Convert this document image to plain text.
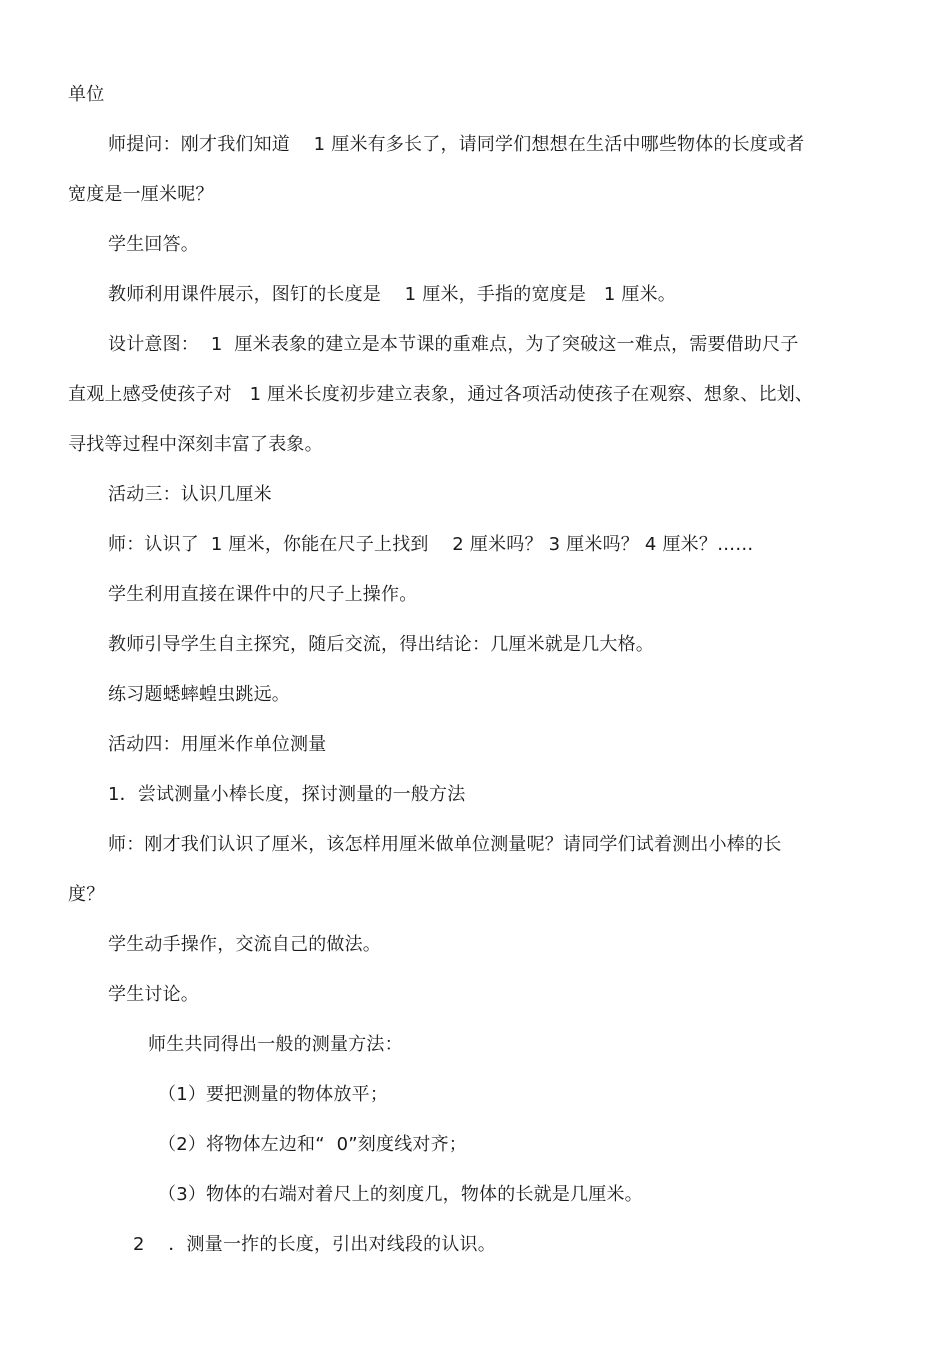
单位
师提问：刚才我们知道    1 厘米有多长了，请同学们想想在生活中哪些物体的长度或者
宽度是一厘米呢？
学生回答。
教师利用课件展示，图钉的长度是    1 厘米，手指的宽度是   1 厘米。
设计意图：  1  厘米表象的建立是本节课的重难点，为了突破这一难点，需要借助尺子
直观上感受使孩子对   1 厘米长度初步建立表象，通过各项活动使孩子在观察、想象、比划、
寻找等过程中深刻丰富了表象。
活动三：认识几厘米
师：认识了  1 厘米，你能在尺子上找到    2 厘米吗？ 3 厘米吗？ 4 厘米？……
学生利用直接在课件中的尺子上操作。
教师引导学生自主探究，随后交流，得出结论：几厘米就是几大格。
练习题蟋蟀蝗虫跳远。
活动四：用厘米作单位测量
1．尝试测量小棒长度，探讨测量的一般方法
师：刚才我们认识了厘米，该怎样用厘米做单位测量呢？请同学们试着测出小棒的长
度？
学生动手操作，交流自己的做法。
学生讨论。
师生共同得出一般的测量方法：
（1）要把测量的物体放平；
（2）将物体左边和“  0”刻度线对齐；
（3）物体的右端对着尺上的刻度几，物体的长就是几厘米。
2    ．测量一拃的长度，引出对线段的认识。
